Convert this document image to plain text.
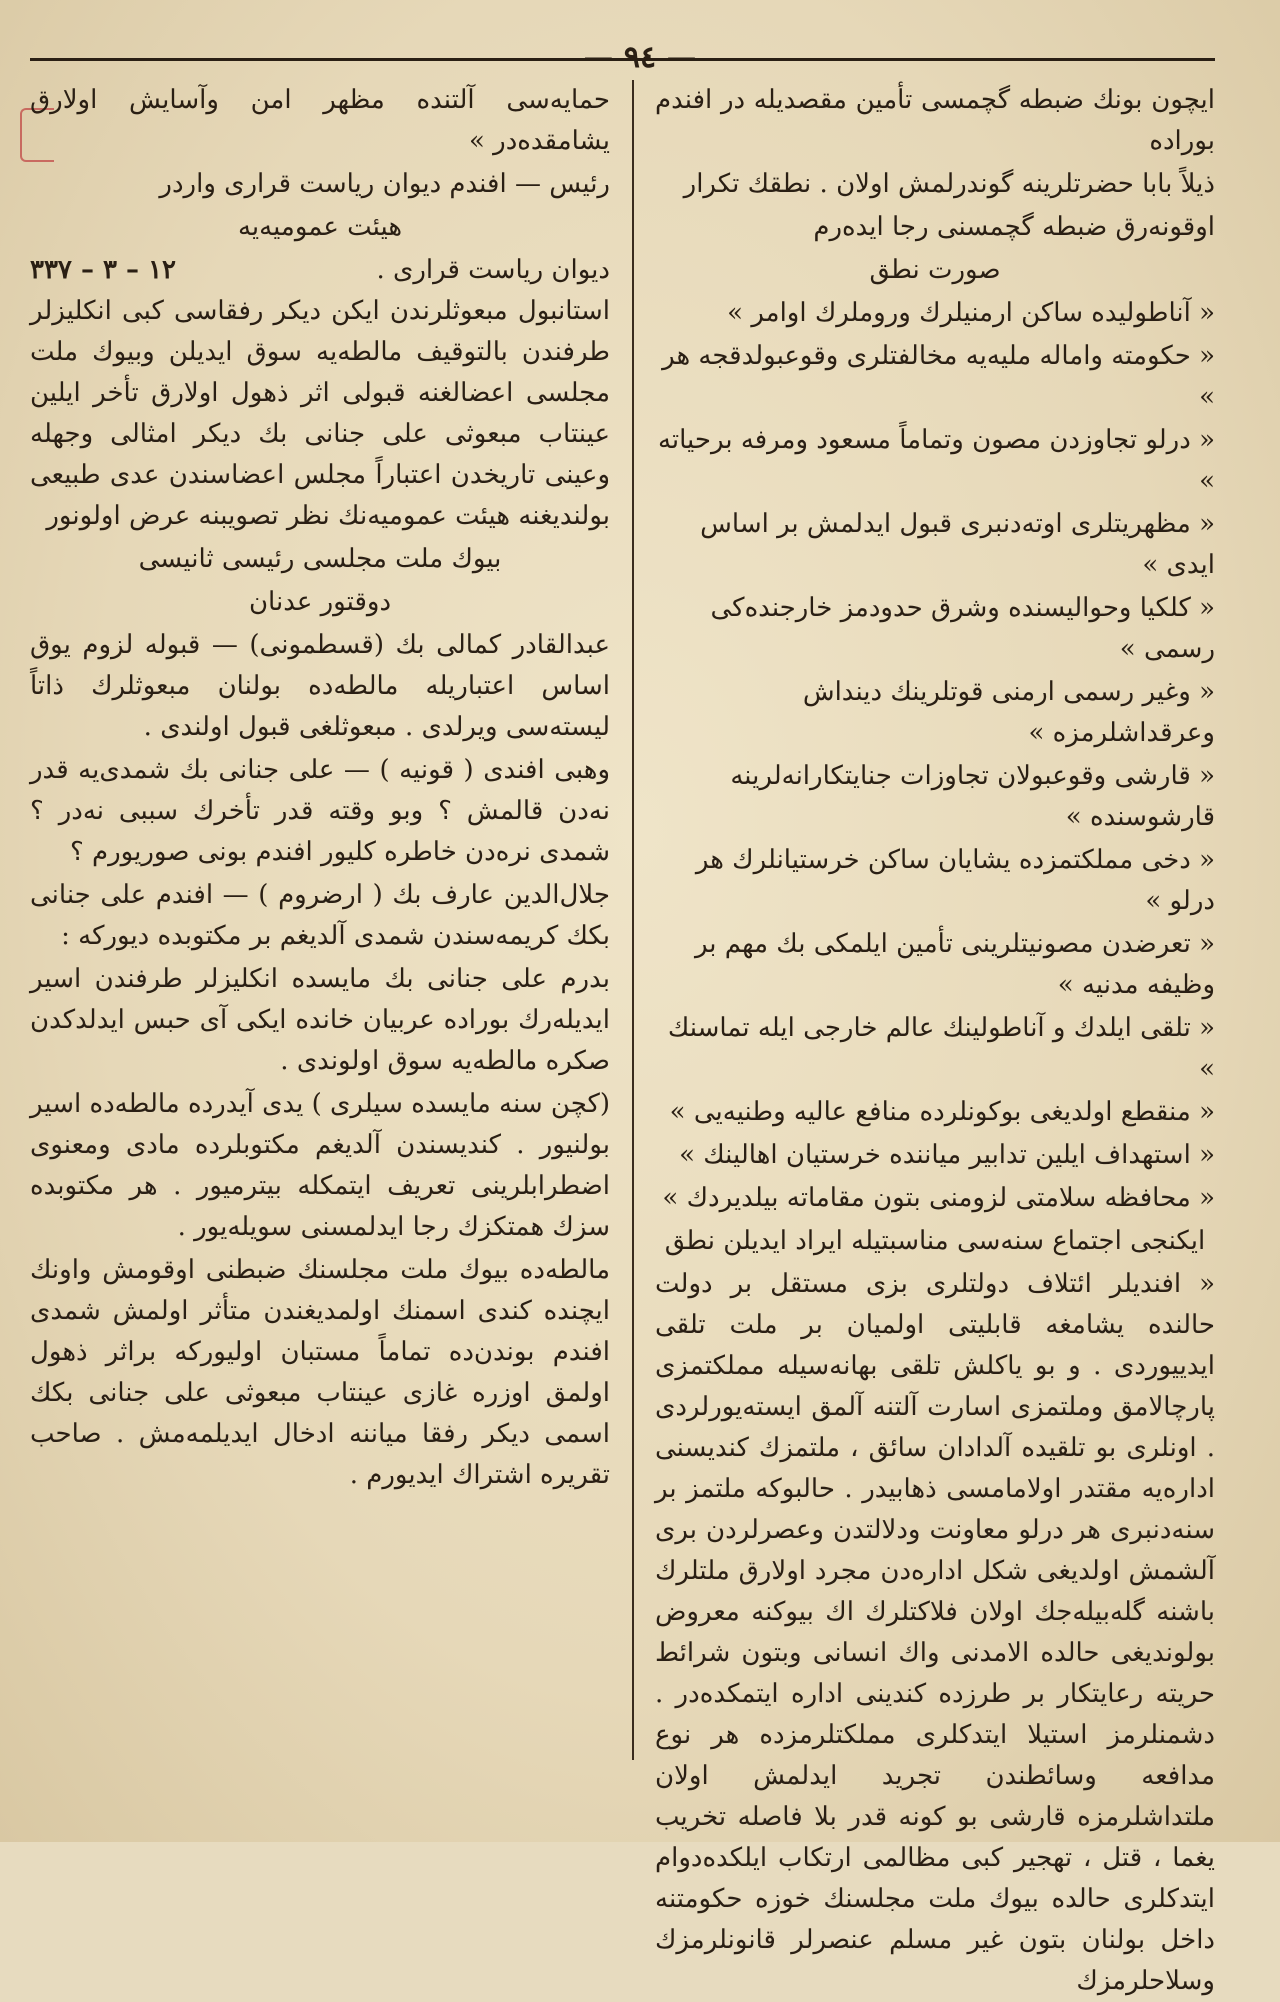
— ٩٤ —

ایچون بونك ضبطه گچمسی تأمین مقصدیله در افندم بوراده

ذیلاً بابا حضرتلرینه گوندرلمش اولان . نطقك تکرار

اوقونه‌رق ضبطه گچمسنی رجا ایده‌رم

صورت نطق

« آناطولیده ساکن ارمنیلرك وروملرك اوامر »

« حکومته واماله ملیه‌یه مخالفتلری وقوعبولدقجه هر »

« درلو تجاوزدن مصون وتماماً مسعود ومرفه برحیاته »

« مظهریتلری اوته‌دنبری قبول ایدلمش بر اساس ایدی »

« کلکیا وحوالیسنده وشرق حدودمز خارجنده‌کی رسمی »

« وغیر رسمی ارمنی قوتلرینك دینداش وعرقداشلرمزه »

« قارشی وقوعبولان تجاوزات جنایتکارانه‌لرینه قارشوسنده »

« دخی مملکتمزده یشایان ساکن خرستیانلرك هر درلو »

« تعرضدن مصونیتلرینی تأمین ایلمکی بك مهم بر وظیفه مدنیه »

« تلقی ایلدك و آناطولینك عالم خارجی ایله تماسنك »

« منقطع اولدیغی بوكونلرده منافع عالیه وطنیه‌یی »

« استهداف ایلین تدابیر میاننده خرستیان اهالینك »

« محافظه سلامتی لزومنی بتون مقاماته بیلدیردك »

ایکنجی اجتماع سنه‌سی مناسبتیله ایراد ایدیلن نطق

« افندیلر ائتلاف دولتلری بزی مستقل بر دولت حالنده یشامغه قابلیتی اولمیان بر ملت تلقی ایدییوردی . و بو یاكلش تلقی بهانه‌سیله مملکتمزی پارچالامق وملتمزی اسارت آلتنه آلمق ایسته‌یورلردی . اونلری بو تلقیده آلدادان سائق ، ملتمزك کندیسنی اداره‌یه مقتدر اولامامسی ذهابیدر . حالبوكه ملتمز بر سنه‌دنبری هر درلو معاونت ودلالتدن وعصرلردن بری آلشمش اولدیغی شکل اداره‌دن مجرد اولارق ملتلرك باشنه گله‌بیله‌جك اولان فلاکتلرك اك بیوكنه معروض بولوندیغی حالده الامدنی واك انسانی وبتون شرائط حریته رعایتکار بر طرزده کندینی اداره ایتمکده‌در . دشمنلرمز استیلا ایتدکلری مملکتلرمزده هر نوع مدافعه وسائطندن تجرید ایدلمش اولان ملتداشلرمزه قارشی بو کونه قدر بلا فاصله تخریب یغما ، قتل ، تهجیر کبی مظالمی ارتکاب ایلکده‌دوام ایتدکلری حالده بیوك ملت مجلسنك خوزه حکومتنه داخل بولنان بتون غیر مسلم عنصرلر قانونلرمزك وسلاحلرمزك

حمایه‌سی آلتنده مظهر امن وآسایش اولارق یشامقده‌در »

رئیس — افندم دیوان ریاست قراری واردر

هیئت عمومیه‌یه

دیوان ریاست قراری .
١٢ – ٣ – ٣٣٧

استانبول مبعوثلرندن ایکن دیکر رفقاسی کبی انکلیزلر طرفندن بالتوقیف مالطه‌یه سوق ایدیلن وبیوك ملت مجلسی اعضالغنه قبولی اثر ذهول اولارق تأخر ایلین عینتاب مبعوثی علی جنانی بك دیکر امثالی وجهله وعینی تاریخدن اعتباراً مجلس اعضاسندن عدی طبیعی بولندیغنه هیئت عمومیه‌نك نظر تصویبنه عرض اولونور

بیوك ملت مجلسی رئیسی ثانیسی

دوقتور عدنان

عبدالقادر کمالی بك (قسطمونی) — قبوله لزوم یوق اساس اعتباریله مالطه‌ده بولنان مبعوثلرك ذاتاً لیسته‌سی ویرلدی . مبعوثلغی قبول اولندی .

وهبی افندی ( قونیه ) — علی جنانی بك شمدی‌یه قدر نه‌دن قالمش ؟ وبو وقته قدر تأخرك سببی نه‌در ؟ شمدی نره‌دن خاطره کلیور افندم بونی صوریورم ؟

جلال‌الدین عارف بك ( ارضروم ) — افندم علی جنانی بكك کریمه‌سندن شمدی آلدیغم بر مکتوبده دیورکه :

بدرم علی جنانی بك مایسده انکلیزلر طرفندن اسیر ایدیله‌رك بوراده عربیان خانده ایکی آی حبس ایدلدکدن صکره مالطه‌یه سوق اولوندی .

(کچن سنه مایسده سیلری ) یدی آیدرده مالطه‌ده اسیر بولنیور . کندیسندن آلدیغم مکتوبلرده مادی ومعنوی اضطرابلرینی تعریف ایتمکله بیترمیور . هر مکتوبده سزك همتکزك رجا ایدلمسنی سویله‌یور .

مالطه‌ده بیوك ملت مجلسنك ضبطنی اوقومش واونك ایچنده کندی اسمنك اولمدیغندن متأثر اولمش شمدی افندم بوندن‌ده تماماً مستبان اولیورکه براثر ذهول اولمق اوزره غازی عینتاب مبعوثی علی جنانی بكك اسمی دیکر رفقا میاننه ادخال ایدیلمه‌مش . صاحب تقریره اشتراك ایدیورم .
